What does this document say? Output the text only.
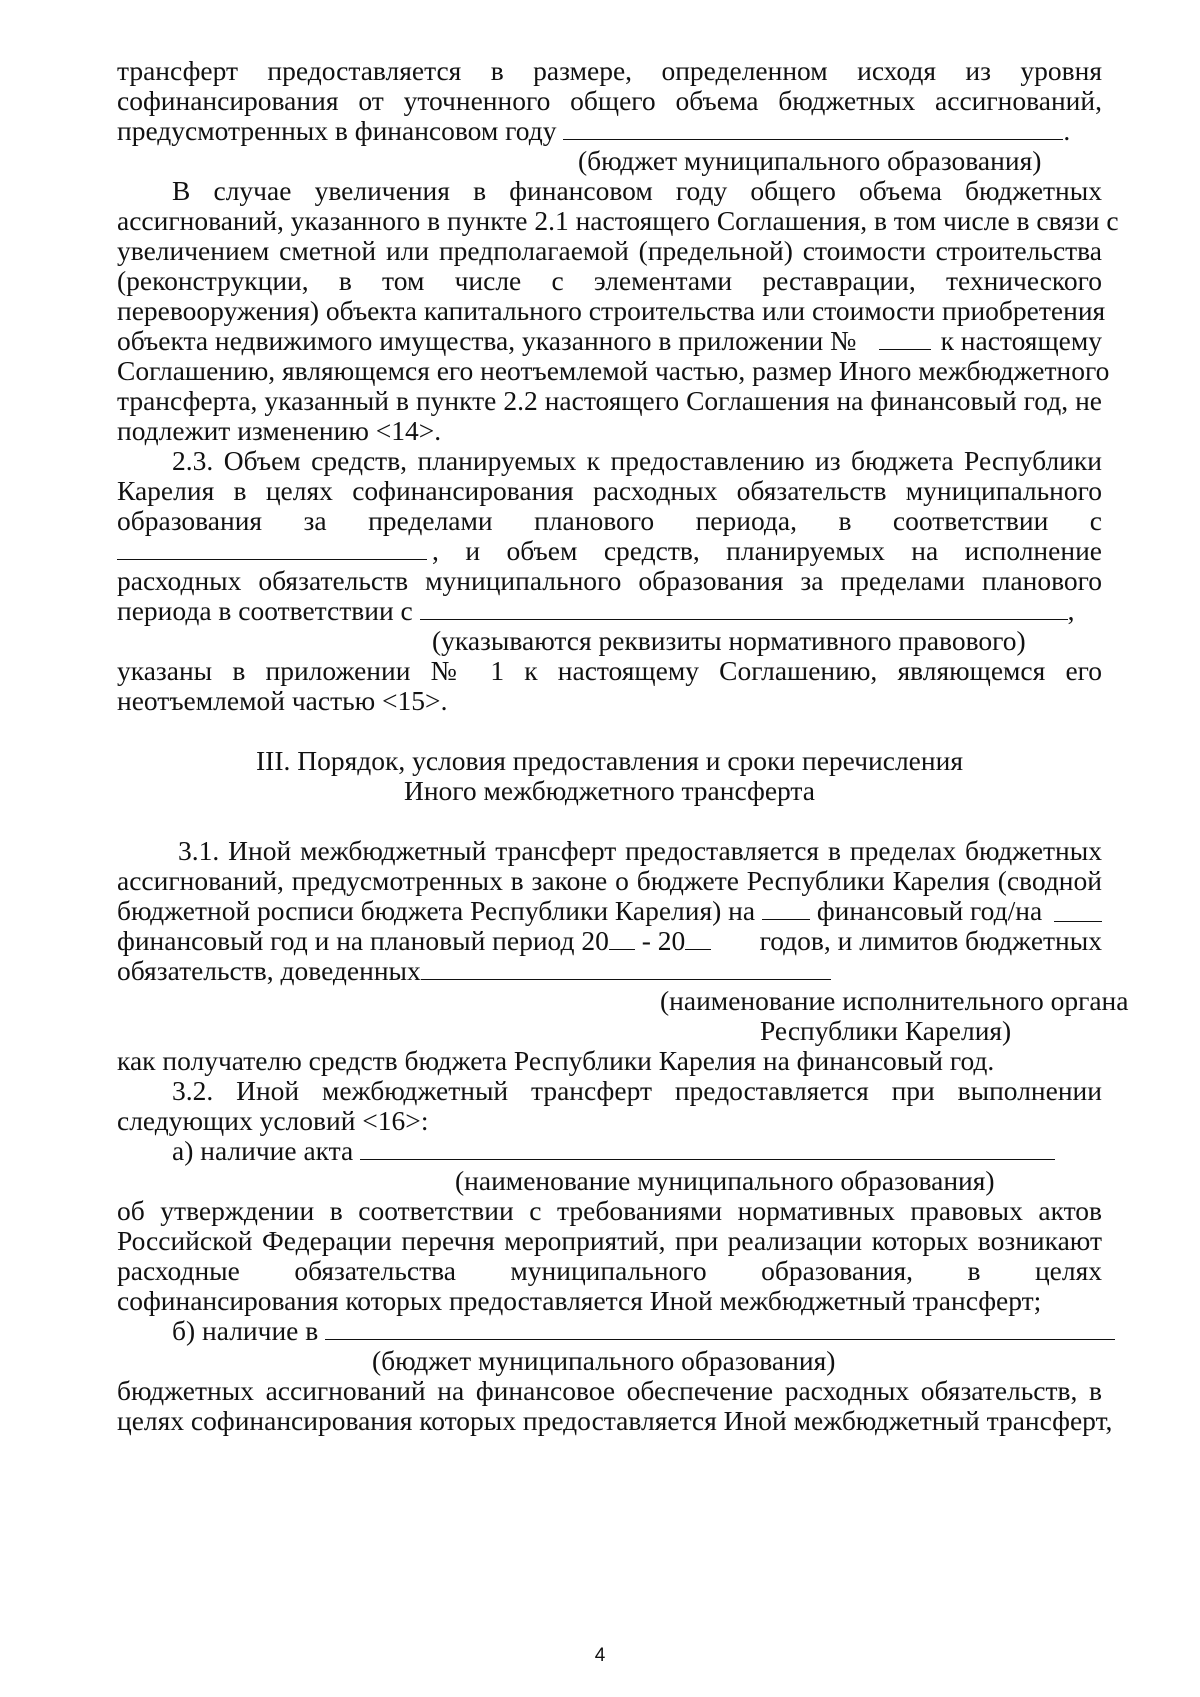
трансферт предоставляется в размере, определенном исходя из уровня
софинансирования от уточненного общего объема бюджетных ассигнований,
предусмотренных в финансовом году	.
(бюджет муниципального образования)
В случае увеличения в финансовом году общего объема бюджетных
ассигнований, указанного в пункте 2.1 настоящего Соглашения, в том числе в связи с
увеличением сметной или предполагаемой (предельной) стоимости строительства
(реконструкции, в том числе с элементами реставрации, технического
перевооружения) объекта капитального строительства или стоимости приобретения
объекта недвижимого имущества, указанного в приложении №	к настоящему
Соглашению, являющемся его неотъемлемой частью, размер Иного межбюджетного
трансферта, указанный в пункте 2.2 настоящего Соглашения на финансовый год, не
подлежит изменению <14>.
2.3. Объем средств, планируемых к предоставлению из бюджета Республики
Карелия в целях софинансирования расходных обязательств муниципального
образования за пределами планового периода, в соответствии с
, и объем средств, планируемых на исполнение
расходных обязательств муниципального образования за пределами планового
периода в соответствии с	,
(указываются реквизиты нормативного правового)
указаны в приложении № 1 к настоящему Соглашению, являющемся его
неотъемлемой частью <15>.
III. Порядок, условия предоставления и сроки перечисления
Иного межбюджетного трансферта
3.1. Иной межбюджетный трансферт предоставляется в пределах бюджетных
ассигнований, предусмотренных в законе о бюджете Республики Карелия (сводной
бюджетной росписи бюджета Республики Карелия) на финансовый год/на
финансовый год и на плановый период 20 - 20	годов, и лимитов бюджетных
обязательств, доведенных
(наименование исполнительного органа
Республики Карелия)
как получателю средств бюджета Республики Карелия на финансовый год.
3.2. Иной межбюджетный трансферт предоставляется при выполнении
следующих условий <16>:
а) наличие акта
(наименование муниципального образования)
об утверждении в соответствии с требованиями нормативных правовых актов
Российской Федерации перечня мероприятий, при реализации которых возникают
расходные обязательства муниципального образования, в целях
софинансирования которых предоставляется Иной межбюджетный трансферт;
б) наличие в
(бюджет муниципального образования)
бюджетных ассигнований на финансовое обеспечение расходных обязательств, в
целях софинансирования которых предоставляется Иной межбюджетный трансферт,
4
